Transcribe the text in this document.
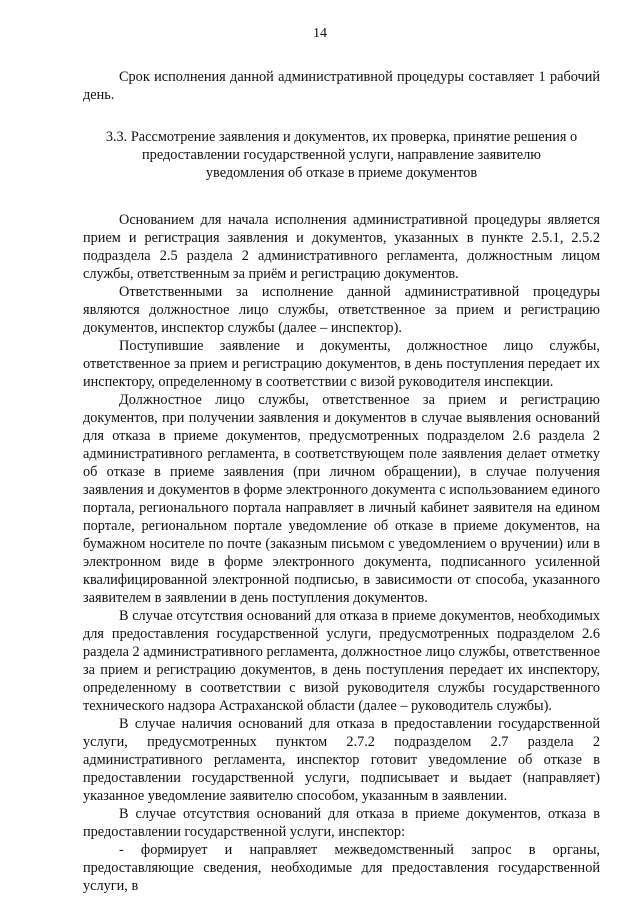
14

Срок исполнения данной административной процедуры составляет 1 рабочий день.

3.3. Рассмотрение заявления и документов, их проверка, принятие решения о предоставлении государственной услуги, направление заявителю уведомления об отказе в приеме документов

Основанием для начала исполнения административной процедуры является прием и регистрация заявления и документов, указанных в пункте 2.5.1, 2.5.2 подраздела 2.5 раздела 2 административного регламента, должностным лицом службы, ответственным за приём и регистрацию документов.

Ответственными за исполнение данной административной процедуры являются должностное лицо службы, ответственное за прием и регистрацию документов, инспектор службы (далее – инспектор).

Поступившие заявление и документы, должностное лицо службы, ответственное за прием и регистрацию документов, в день поступления передает их инспектору, определенному в соответствии с визой руководителя инспекции.

Должностное лицо службы, ответственное за прием и регистрацию документов, при получении заявления и документов в случае выявления оснований для отказа в приеме документов, предусмотренных подразделом 2.6 раздела 2 административного регламента, в соответствующем поле заявления делает отметку об отказе в приеме заявления (при личном обращении), в случае получения заявления и документов в форме электронного документа с использованием единого портала, регионального портала направляет в личный кабинет заявителя на едином портале, региональном портале уведомление об отказе в приеме документов, на бумажном носителе по почте (заказным письмом с уведомлением о вручении) или в электронном виде в форме электронного документа, подписанного усиленной квалифицированной электронной подписью, в зависимости от способа, указанного заявителем в заявлении в день поступления документов.

В случае отсутствия оснований для отказа в приеме документов, необходимых для предоставления государственной услуги, предусмотренных подразделом 2.6 раздела 2 административного регламента, должностное лицо службы, ответственное за прием и регистрацию документов, в день поступления передает их инспектору, определенному в соответствии с визой руководителя службы государственного технического надзора Астраханской области (далее – руководитель службы).

В случае наличия оснований для отказа в предоставлении государственной услуги, предусмотренных пунктом 2.7.2 подразделом 2.7 раздела 2 административного регламента, инспектор готовит уведомление об отказе в предоставлении государственной услуги, подписывает и выдает (направляет) указанное уведомление заявителю способом, указанным в заявлении.

В случае отсутствия оснований для отказа в приеме документов, отказа в предоставлении государственной услуги, инспектор:

- формирует и направляет межведомственный запрос в органы, предоставляющие сведения, необходимые для предоставления государственной услуги, в
